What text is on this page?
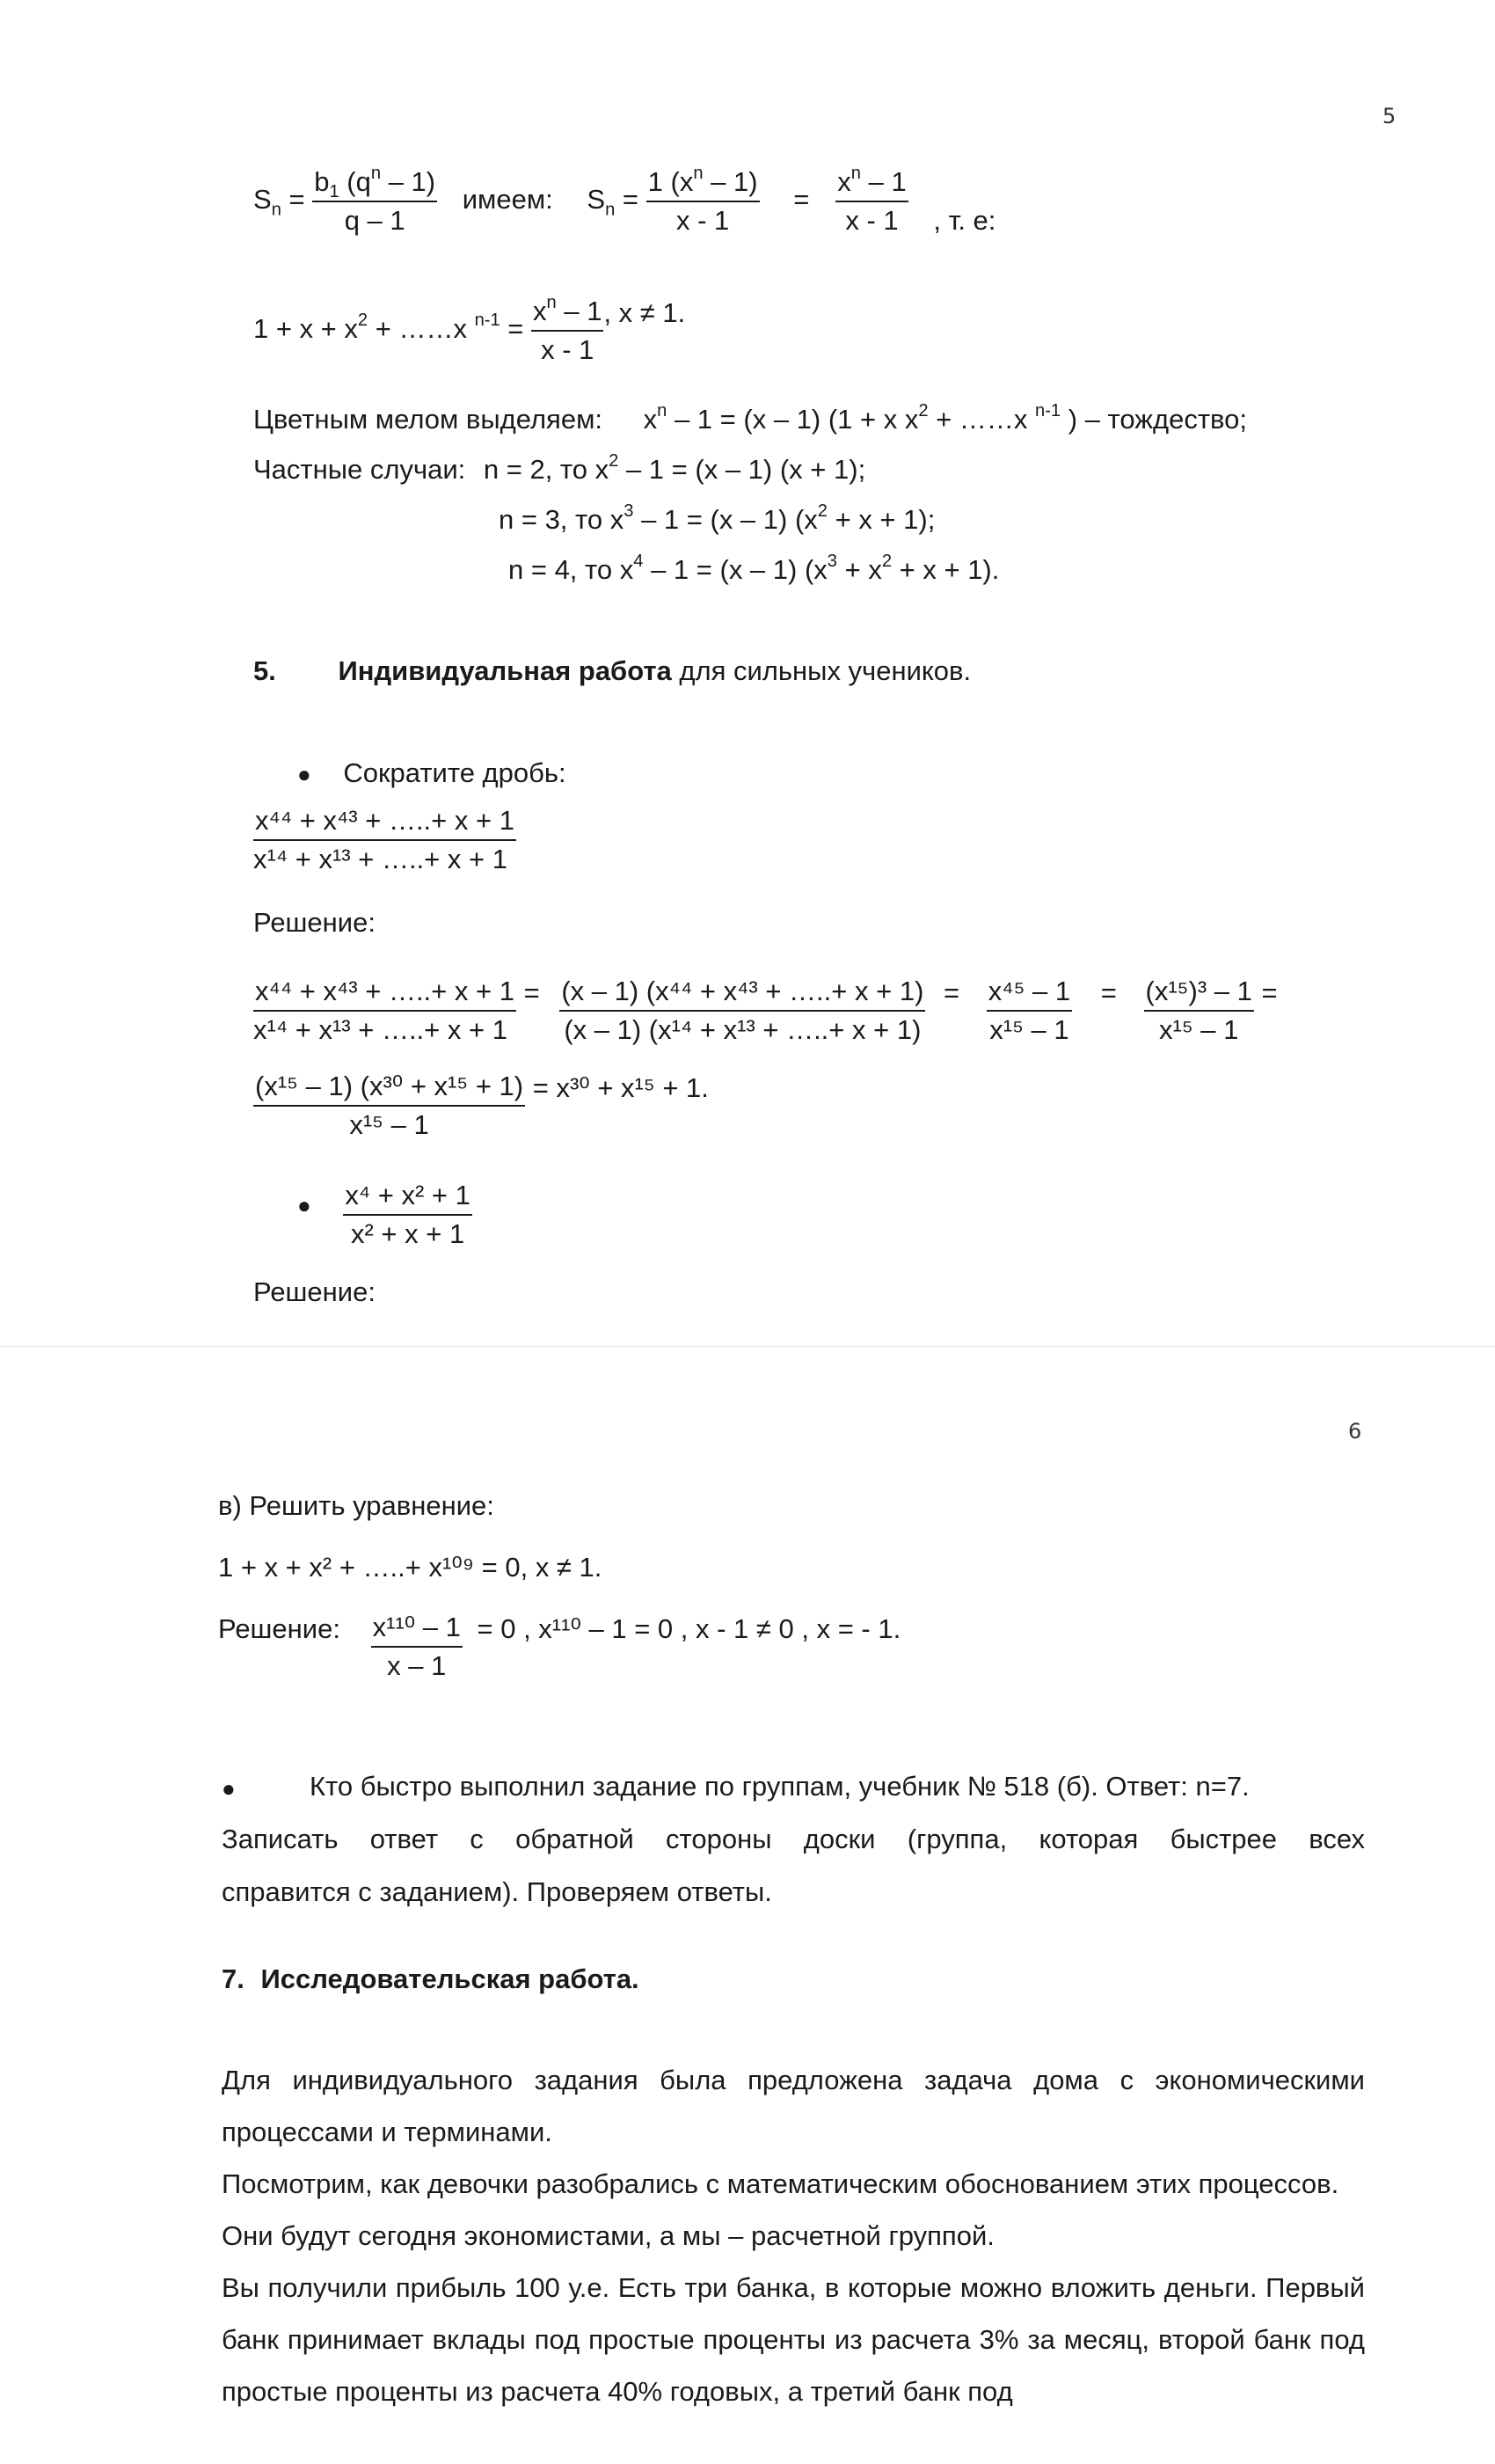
5
$S_n = \frac{b_1 (q^n - 1)}{q - 1}$ имеем: $S_n = \frac{1 (x^n - 1)}{x - 1} = \frac{x^n - 1}{x - 1}$ , т. е:
$1 + x + x^2$ + ……x $^{n-1} = \frac{x^n - 1}{x - 1}$ , x ≠ 1.
Цветным мелом выделяем: $x^n - 1 = (x - 1) (1 + x$ $x^2$ + ……x $^{n-1}$ ) – тождество;
Частные случаи: n = 2, то $x^2 - 1 = (x - 1) (x + 1)$;
n = 3, то $x^3 - 1 = (x - 1) (x^2 + x + 1)$;
n = 4, то $x^4 - 1 = (x - 1) (x^3 + x^2 + x + 1)$.
5. Индивидуальная работа для сильных учеников.
● Сократите дробь:
$\frac{\text{x⁴⁴ + x⁴³ + …..+ x + 1}}{\text{x¹⁴ + x¹³ + …..+ x + 1}}$
Решение:
$\frac{\text{x⁴⁴ + x⁴³ + …..+ x + 1}}{\text{x¹⁴ + x¹³ + …..+ x + 1}} = \frac{\text{(x – 1) (x⁴⁴ + x⁴³ + …..+ x + 1)}}{\text{(x – 1) (x¹⁴ + x¹³ + …..+ x + 1)}} = \frac{\text{x⁴⁵ – 1}}{\text{x¹⁵ – 1}} = \frac{\text{(x¹⁵)³ – 1}}{\text{x¹⁵ – 1}}$ =
$\frac{\text{(x¹⁵ – 1) (x³⁰ + x¹⁵ + 1)}}{\text{x¹⁵ – 1}} = x^{30} + x^{15} + 1$.
● $\frac{\text{x⁴ + x² + 1}}{\text{x² + x + 1}}$
Решение:
6
в) Решить уравнение:
1 + x + x² + …..+ x¹⁰⁹ = 0, x ≠ 1.
Решение: $\frac{\text{x¹¹⁰ – 1}}{x - 1} = 0$ , x¹¹⁰ – 1 = 0 , x - 1 ≠ 0 , x = - 1.
●	Кто быстро выполнил задание по группам, учебник № 518 (б). Ответ: n=7.
Записать ответ с обратной стороны доски (группа, которая быстрее всех
справится с заданием). Проверяем ответы.
7. Исследовательская работа.

Для индивидуального задания была предложена задача дома с экономическими процессами и терминами.

Посмотрим, как девочки разобрались с математическим обоснованием этих процессов.

Они будут сегодня экономистами, а мы – расчетной группой.

Вы получили прибыль 100 у.е. Есть три банка, в которые можно вложить деньги. Первый банк принимает вклады под простые проценты из расчета 3% за месяц, второй банк под простые проценты из расчета 40% годовых, а третий банк под
